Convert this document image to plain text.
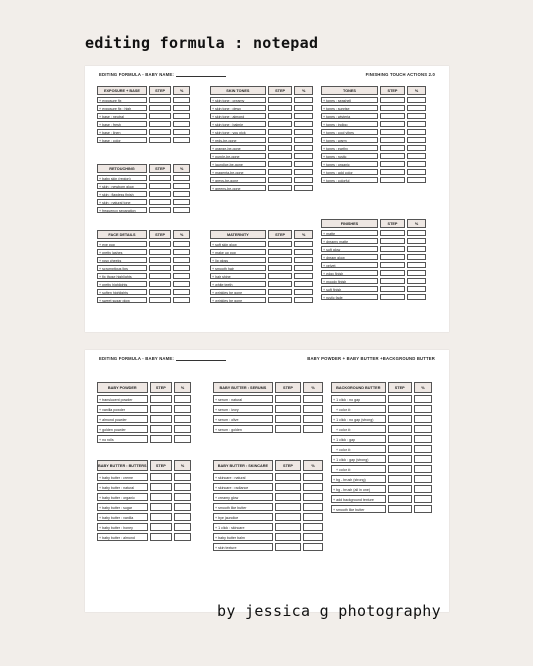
editing formula : notepad
EDITING FORMULA - BABY NAME:	FINISHING TOUCH ACTIONS 2.0
EXPOSURE + BASE	STEP	%
+ exposure fix
+ exposure fix : high
+ base : neutral
+ base : fresh
+ base : linen
+ base : color
RETOUCHING	STEP	%
+ baby skin (region)
+ skin : newborn glow
+ skin : flawless finish
+ skin : natural tone
+ frequency separation
FACE DETAILS	STEP	%
+ eye pop
+ pretty lashes
+ rosy cheeks
+ scrumptious lips
+ fix those highlights
+ pretty highlights
+ soften highlights
+ sweet sugar glow
SKIN TONES	STEP	%
+ skin tone : creamy
+ skin tone : dewy
+ skin tone : almond
+ skin tone : balmie
+ skin tone : you pick
+ reds-be-gone
+ orange-be-gone
+ purple-be-gone
+ jaundice-be-gone
+ magenta-be-gone
+ greys-be-gone
+ greens-be-gone
MATERNITY	STEP	%
+ soft skin glow
+ make up pop
+ lip gloss
+ smooth hair
+ hair shine
+ white teeth
+ wrinkles be gone
+ wrinkles be gone
TONES	STEP	%
+ tones : seashell
+ tones : sunrise
+ tones : wisteria
+ tones : indigo
+ tones : cool vibes
+ tones : warm
+ tones : earthy
+ tones : rustic
+ tones : organic
+ tones : add color
+ tones : colorful
FINISHES	STEP	%
+ matte
+ dreamy matte
+ soft glow
+ dream glow
+ velvet
+ edgy finish
+ moody finish
+ soft finish
+ rustic fade
EDITING FORMULA - BABY NAME:	BABY POWDER + BABY BUTTER +BACKGROUND BUTTER
BABY POWDER	STEP	%
+ translucent powder
+ vanilla powder
+ almond powder
+ golden powder
+ no rolls
BABY BUTTER : BUTTERS	STEP	%
+ baby butter : creme
+ baby butter : natural
+ baby butter : organic
+ baby butter : sugar
+ baby butter : vanilla
+ baby butter : honey
+ baby butter : almond
BABY BUTTER : SERUMS	STEP	%
+ serum : natural
+ serum : ivory
+ serum : olive
+ serum : golden
BABY BUTTER : SKINCARE	STEP	%
+ skincare : natural
+ skincare : radiance
+ creamy glow
+ smooth like butter
+ bye jaundice
+ 1 click : skincare
+ baby butter balm
+ skin texture
BACKGROUND BUTTER	STEP	%
+ 1 click : no gap
+ color #:
+ 1 click : no gap (strong)
+ color #:
+ 1 click : gap
+ color #:
+ 1 click : gap (strong)
+ color #:
+ bg - brush (strong)
+ bg - brush (all in one)
+ add background texture
+ smooth like butter
by jessica g photography
